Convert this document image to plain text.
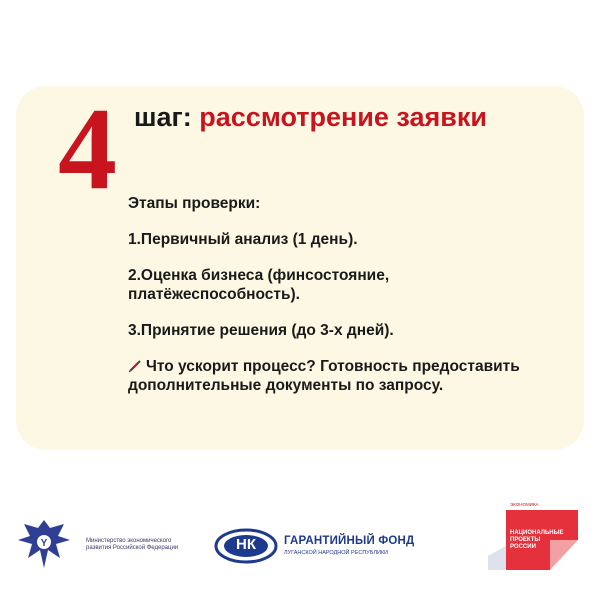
4 шаг: рассмотрение заявки

Этапы проверки:

1.Первичный анализ (1 день).

2.Оценка бизнеса (финсостояние, платёжеспособность).

3.Принятие решения (до 3-х дней).

Что ускорит процесс? Готовность предоставить дополнительные документы по запросу.

Y	Министерство экономического развития Российской Федерации	НК	ГАРАНТИЙНЫЙ ФОНД
ЛУГАНСКОЙ НАРОДНОЙ РЕСПУБЛИКИ
ЭКОНОМИКА
НАЦИОНАЛЬНЫЕ ПРОЕКТЫ РОССИИ
